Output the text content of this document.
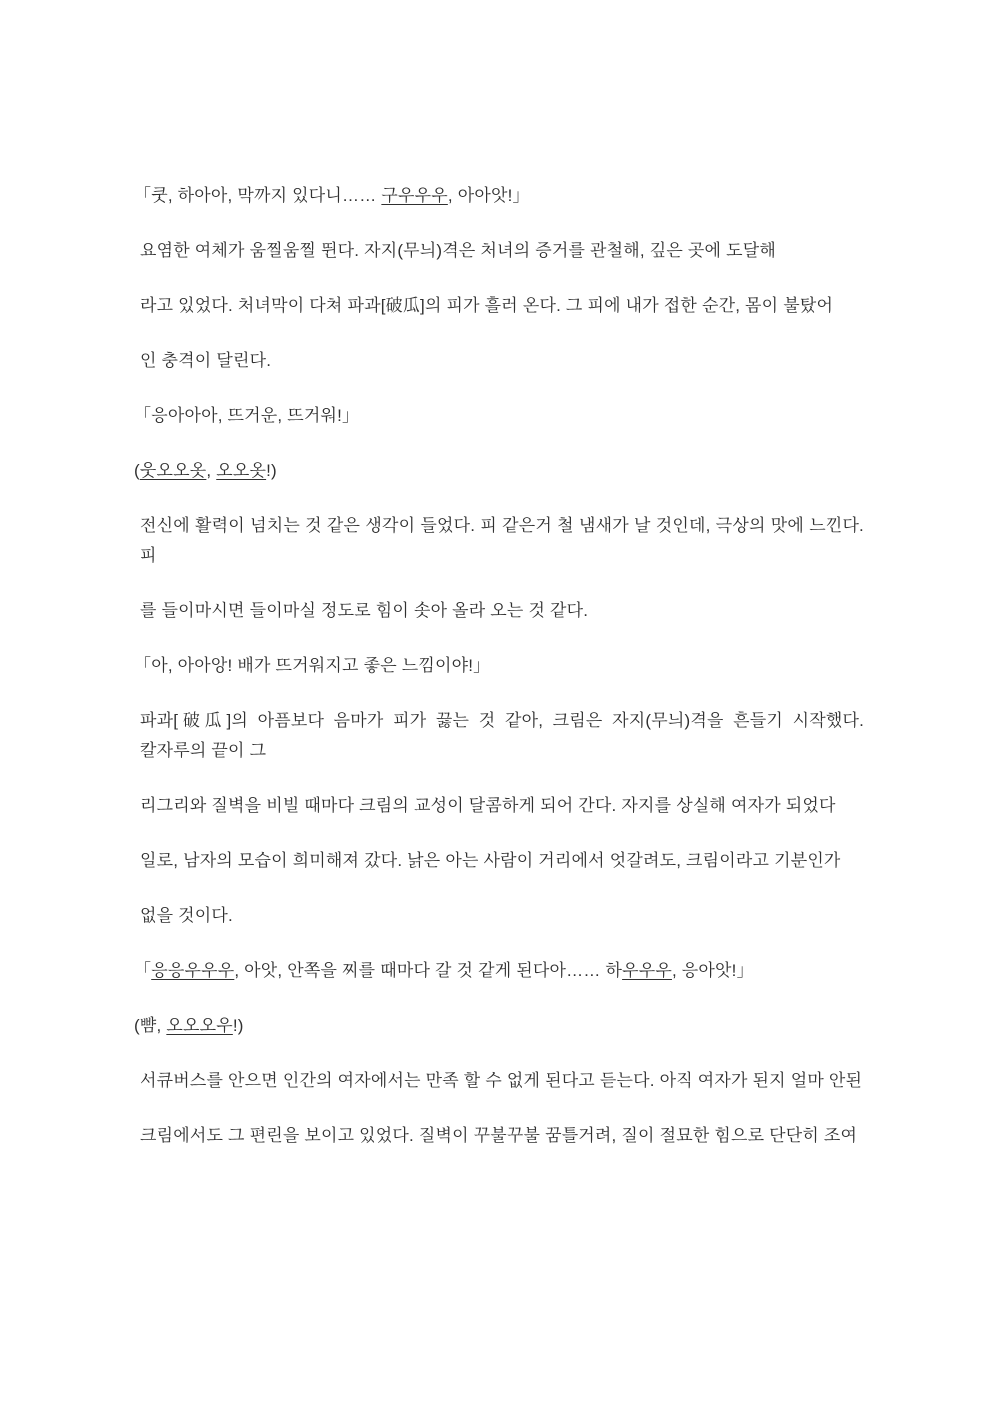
「쿳, 하아아, 막까지 있다니…… 구우우우, 아아앗!」

요염한 여체가 움찔움찔 뛴다. 자지(무늬)격은 처녀의 증거를 관철해, 깊은 곳에 도달해

라고 있었다. 처녀막이 다쳐 파과[破瓜]의 피가 흘러 온다. 그 피에 내가 접한 순간, 몸이 불탔어

인 충격이 달린다.

「응아아아, 뜨거운, 뜨거워!」

(웃오오옷, 오오옷!)

전신에 활력이 넘치는 것 같은 생각이 들었다. 피 같은거 철 냄새가 날 것인데, 극상의 맛에 느낀다. 피

를 들이마시면 들이마실 정도로 힘이 솟아 올라 오는 것 같다.

「아, 아아앙! 배가 뜨거워지고 좋은 느낌이야!」

파과[破瓜]의 아픔보다 음마가 피가 끓는 것 같아, 크림은 자지(무늬)격을 흔들기 시작했다. 칼자루의 끝이 그

리그리와 질벽을 비빌 때마다 크림의 교성이 달콤하게 되어 간다. 자지를 상실해 여자가 되었다

일로, 남자의 모습이 희미해져 갔다. 낡은 아는 사람이 거리에서 엇갈려도, 크림이라고 기분인가

없을 것이다.

「응응우우우, 아앗, 안쪽을 찌를 때마다 갈 것 같게 된다아…… 하우우우, 응아앗!」

(뺨, 오오오우!)

서큐버스를 안으면 인간의 여자에서는 만족 할 수 없게 된다고 듣는다. 아직 여자가 된지 얼마 안된

크림에서도 그 편린을 보이고 있었다. 질벽이 꾸불꾸불 꿈틀거려, 질이 절묘한 힘으로 단단히 조여
